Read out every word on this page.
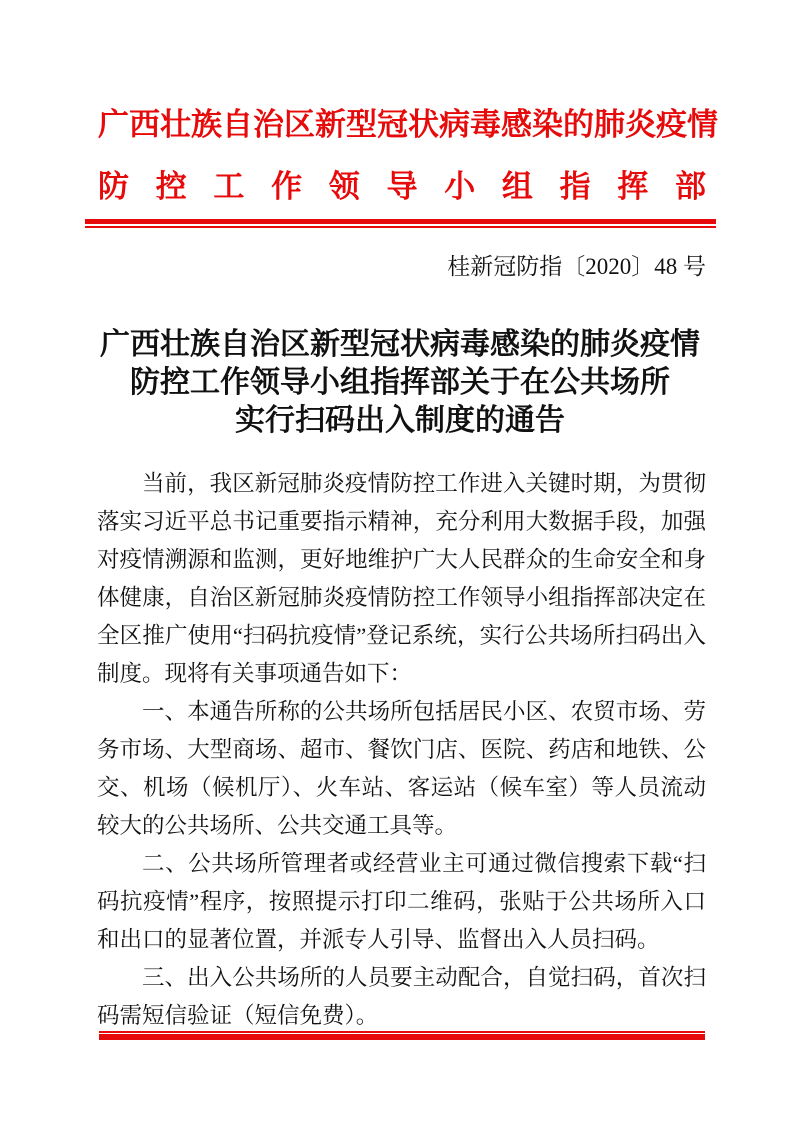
广西壮族自治区新型冠状病毒感染的肺炎疫情
防控工作领导小组指挥部
桂新冠防指〔2020〕48 号
广西壮族自治区新型冠状病毒感染的肺炎疫情
防控工作领导小组指挥部关于在公共场所
实行扫码出入制度的通告

当前，我区新冠肺炎疫情防控工作进入关键时期，为贯彻落实习近平总书记重要指示精神，充分利用大数据手段，加强对疫情溯源和监测，更好地维护广大人民群众的生命安全和身体健康，自治区新冠肺炎疫情防控工作领导小组指挥部决定在全区推广使用“扫码抗疫情”登记系统，实行公共场所扫码出入制度。现将有关事项通告如下：

一、本通告所称的公共场所包括居民小区、农贸市场、劳务市场、大型商场、超市、餐饮门店、医院、药店和地铁、公交、机场（候机厅）、火车站、客运站（候车室）等人员流动较大的公共场所、公共交通工具等。

二、公共场所管理者或经营业主可通过微信搜索下载“扫码抗疫情”程序，按照提示打印二维码，张贴于公共场所入口和出口的显著位置，并派专人引导、监督出入人员扫码。

三、出入公共场所的人员要主动配合，自觉扫码，首次扫码需短信验证（短信免费）。
